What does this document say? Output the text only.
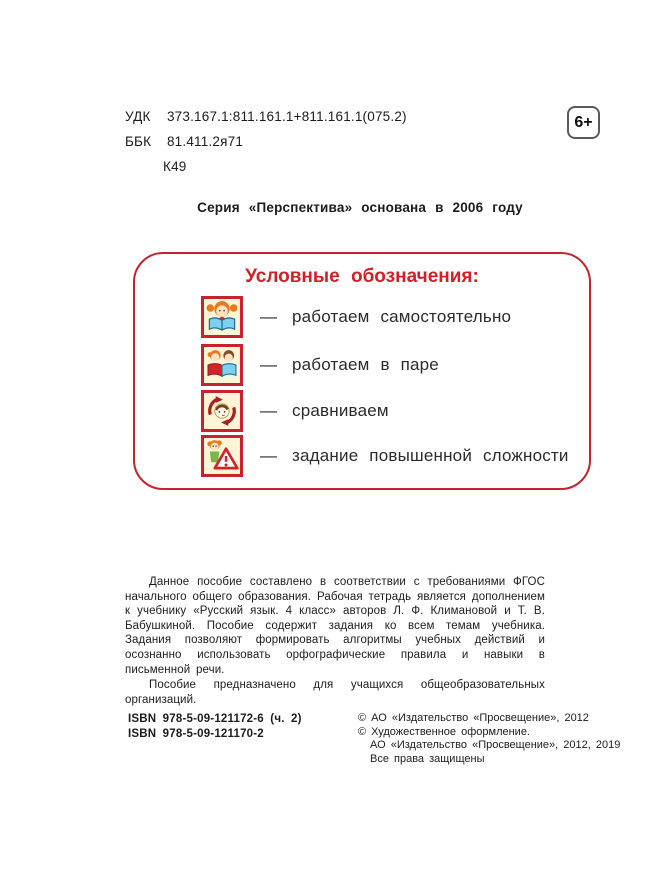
УДК 373.167.1:811.161.1+811.161.1(075.2)
ББК 81.411.2я71
К49
6+
Серия «Перспектива» основана в 2006 году
Условные обозначения:
— работаем самостоятельно
— работаем в паре
— сравниваем
— задание повышенной сложности

Данное пособие составлено в соответствии с требованиями ФГОС начального общего образования. Рабочая тетрадь является дополнением к учебнику «Русский язык. 4 класс» авторов Л. Ф. Климановой и Т. В. Бабушкиной. Пособие содержит задания ко всем темам учебника. Задания позволяют формировать алгоритмы учебных действий и осознанно использовать орфографические правила и навыки в письменной речи.

Пособие предназначено для учащихся общеобразовательных организаций.

ISBN 978-5-09-121172-6 (ч. 2)
ISBN 978-5-09-121170-2
© АО «Издательство «Просвещение», 2012
© Художественное оформление.
АО «Издательство «Просвещение», 2012, 2019
Все права защищены
